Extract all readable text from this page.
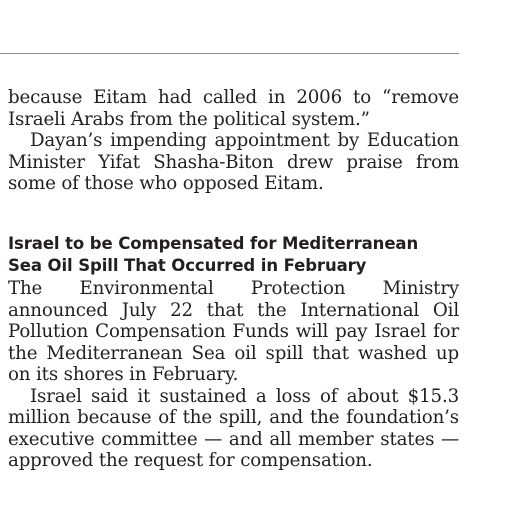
because Eitam had called in 2006 to “remove Israeli Arabs from the political system.”

Dayan’s impending appointment by Education Minister Yifat Shasha-Biton drew praise from some of those who opposed Eitam.

Israel to be Compensated for Mediterranean
Sea Oil Spill That Occurred in February

The Environmental Protection Ministry announced July 22 that the International Oil Pollution Compensation Funds will pay Israel for the Mediterranean Sea oil spill that washed up on its shores in February.

Israel said it sustained a loss of about $15.3 million because of the spill, and the foundation’s executive committee — and all member states — approved the request for compensation.
